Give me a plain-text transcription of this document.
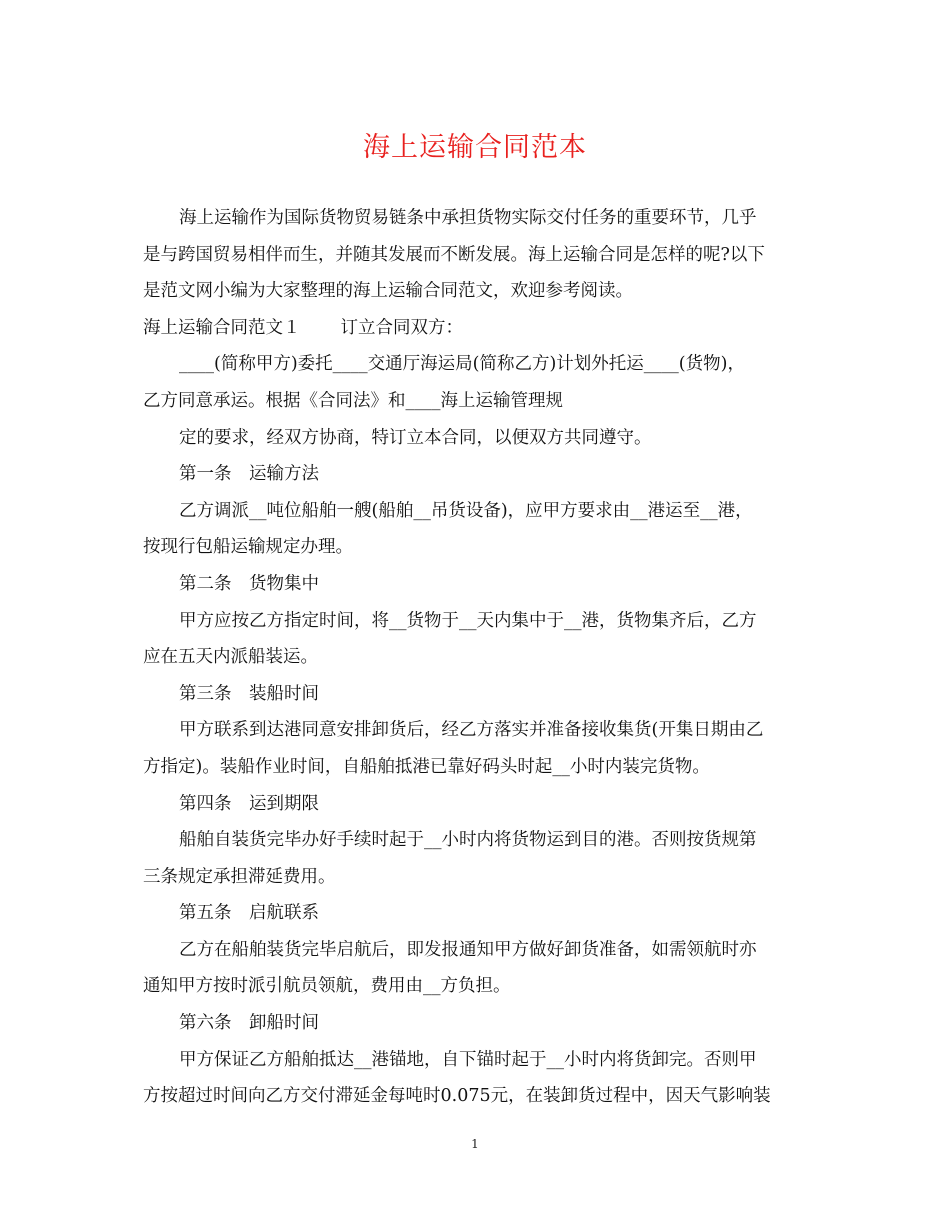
海上运输合同范本
海上运输作为国际货物贸易链条中承担货物实际交付任务的重要环节，几乎
是与跨国贸易相伴而生，并随其发展而不断发展。海上运输合同是怎样的呢?以下
是范文网小编为大家整理的海上运输合同范文，欢迎参考阅读。
海上运输合同范文１ 订立合同双方：
____(简称甲方)委托____交通厅海运局(简称乙方)计划外托运____(货物)，
乙方同意承运。根据《合同法》和____海上运输管理规
定的要求，经双方协商，特订立本合同，以便双方共同遵守。
第一条　运输方法
乙方调派__吨位船舶一艘(船舶__吊货设备)，应甲方要求由__港运至__港，
按现行包船运输规定办理。
第二条　货物集中
甲方应按乙方指定时间，将__货物于__天内集中于__港，货物集齐后，乙方
应在五天内派船装运。
第三条　装船时间
甲方联系到达港同意安排卸货后，经乙方落实并准备接收集货(开集日期由乙
方指定)。装船作业时间，自船舶抵港已靠好码头时起__小时内装完货物。
第四条　运到期限
船舶自装货完毕办好手续时起于__小时内将货物运到目的港。否则按货规第
三条规定承担滞延费用。
第五条　启航联系
乙方在船舶装货完毕启航后，即发报通知甲方做好卸货准备，如需领航时亦
通知甲方按时派引航员领航，费用由__方负担。
第六条　卸船时间
甲方保证乙方船舶抵达__港锚地，自下锚时起于__小时内将货卸完。否则甲
方按超过时间向乙方交付滞延金每吨时0.075元，在装卸货过程中，因天气影响装
1
